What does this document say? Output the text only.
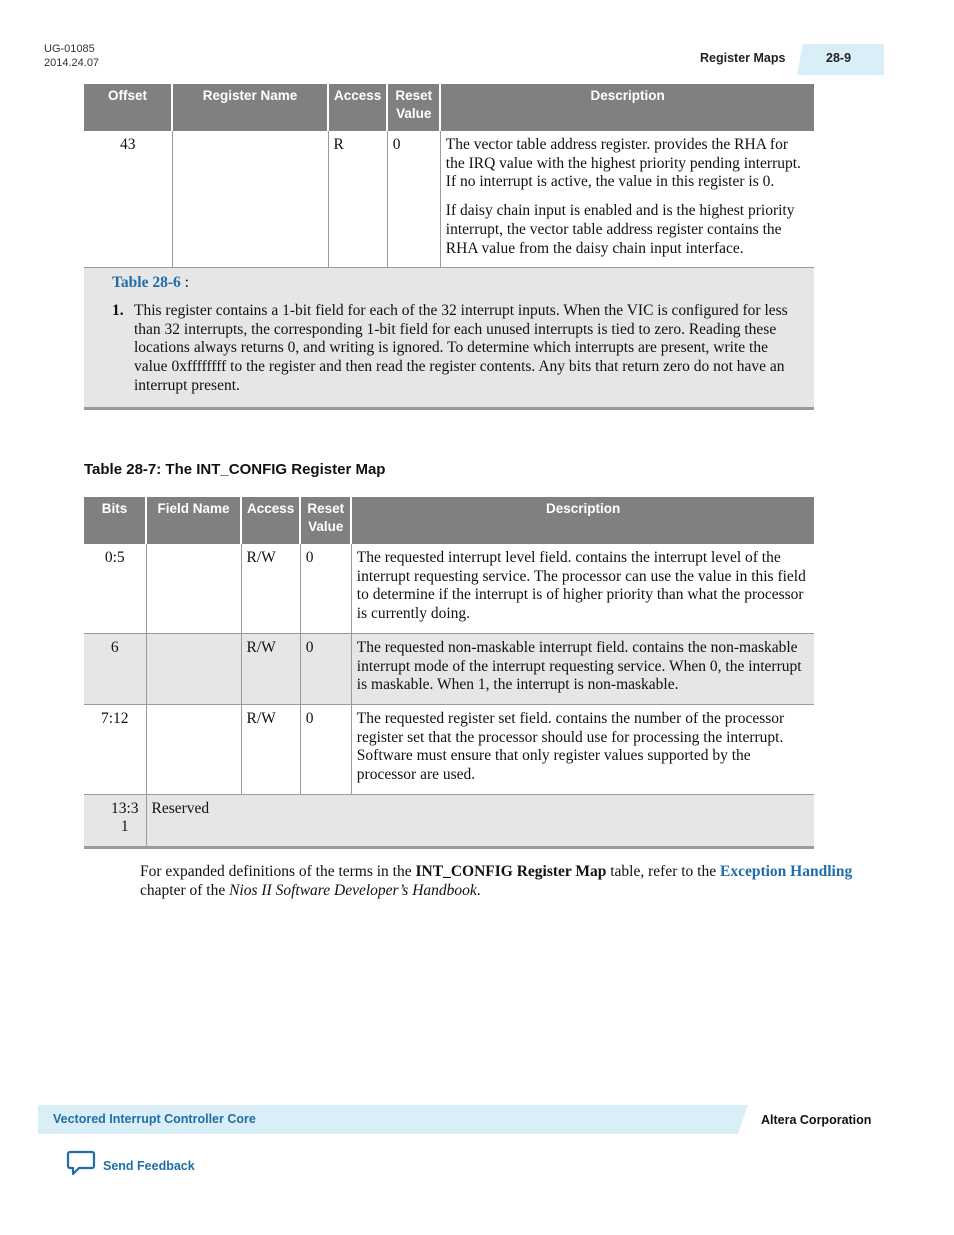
UG-01085
2014.24.07	Register Maps	28-9
Offset	Register Name	Access	Reset Value	Description
43		R	0	The vector table address register. provides the RHA for the IRQ value with the highest priority pending interrupt. If no interrupt is active, the value in this register is 0.

If daisy chain input is enabled and is the highest priority interrupt, the vector table address register contains the RHA value from the daisy chain input interface.

Table 28-6 :
1. This register contains a 1-bit field for each of the 32 interrupt inputs. When the VIC is configured for less than 32 interrupts, the corresponding 1-bit field for each unused interrupts is tied to zero. Reading these locations always returns 0, and writing is ignored. To determine which interrupts are present, write the value 0xffffffff to the register and then read the register contents. Any bits that return zero do not have an interrupt present.				
Table 28-7: The INT_CONFIG Register Map
Bits	Field Name	Access	Reset Value	Description
0:5		R/W	0	The requested interrupt level field. contains the interrupt level of the interrupt requesting service. The processor can use the value in this field to determine if the interrupt is of higher priority than what the processor is currently doing.
6		R/W	0	The requested non-maskable interrupt field. contains the non-maskable interrupt mode of the interrupt requesting service. When 0, the interrupt is maskable. When 1, the interrupt is non-maskable.
7:12		R/W	0	The requested register set field. contains the number of the processor register set that the processor should use for processing the interrupt. Software must ensure that only register values supported by the processor are used.
13:31	Reserved			
For expanded definitions of the terms in the INT_CONFIG Register Map table, refer to the Exception Handling chapter of the Nios II Software Developer’s Handbook.
Vectored Interrupt Controller Core	Altera Corporation
Send Feedback
